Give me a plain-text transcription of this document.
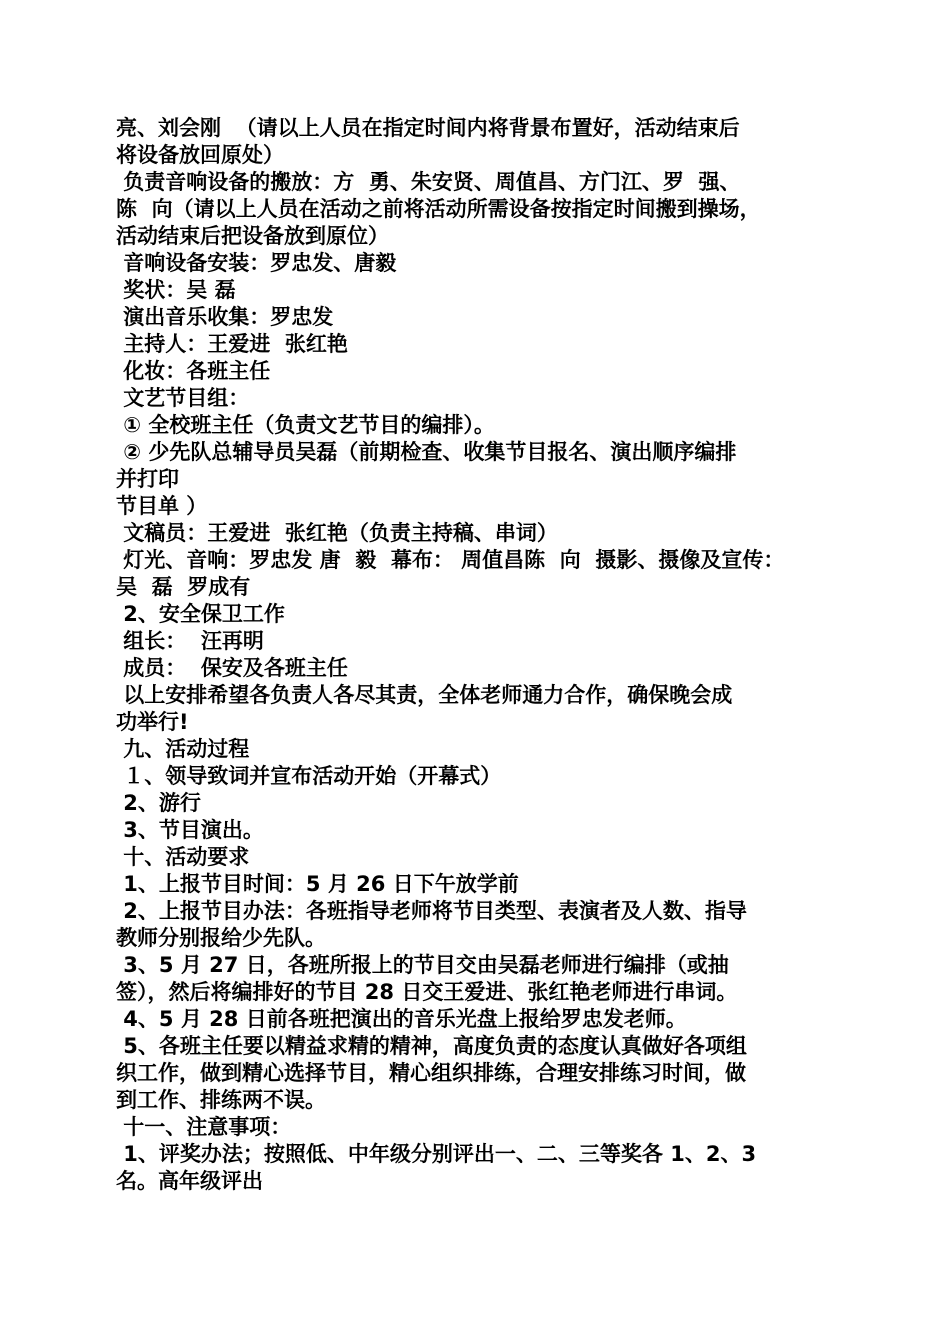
亮、刘会刚  （请以上人员在指定时间内将背景布置好，活动结束后
将设备放回原处）
负责音响设备的搬放：方  勇、朱安贤、周值昌、方门江、罗  强、
陈  向（请以上人员在活动之前将活动所需设备按指定时间搬到操场，
活动结束后把设备放到原位）
音响设备安装：罗忠发、唐毅
奖状：吴 磊
演出音乐收集：罗忠发
主持人：王爱进  张红艳
化妆：各班主任
文艺节目组：
① 全校班主任（负责文艺节目的编排）。
② 少先队总辅导员吴磊（前期检查、收集节目报名、演出顺序编排
并打印
节目单 ）
文稿员：王爱进  张红艳（负责主持稿、串词）
灯光、音响：罗忠发 唐  毅  幕布： 周值昌陈  向  摄影、摄像及宣传：
吴  磊  罗成有
2、安全保卫工作
组长：  汪再明
成员：  保安及各班主任
以上安排希望各负责人各尽其责，全体老师通力合作，确保晚会成
功举行!
九、活动过程
１、领导致词并宣布活动开始（开幕式）
2、游行
3、节目演出。
十、活动要求
1、上报节目时间：5 月 26 日下午放学前
2、上报节目办法：各班指导老师将节目类型、表演者及人数、指导
教师分别报给少先队。
3、5 月 27 日，各班所报上的节目交由吴磊老师进行编排（或抽
签），然后将编排好的节目 28 日交王爱进、张红艳老师进行串词。
4、5 月 28 日前各班把演出的音乐光盘上报给罗忠发老师。
5、各班主任要以精益求精的精神，高度负责的态度认真做好各项组
织工作，做到精心选择节目，精心组织排练，合理安排练习时间，做
到工作、排练两不误。
十一、注意事项：
1、评奖办法；按照低、中年级分别评出一、二、三等奖各 1、2、3
名。高年级评出
